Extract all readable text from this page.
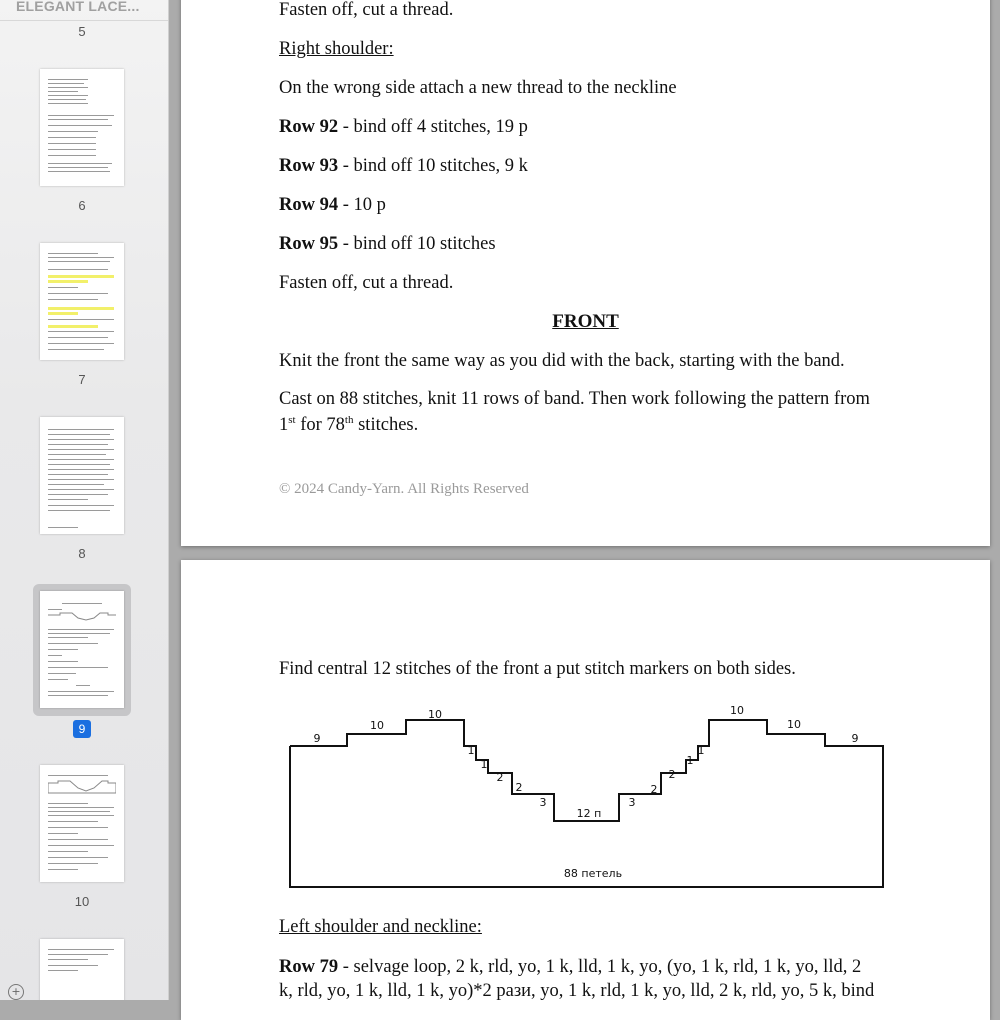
ELEGANT LACE...
5
6
7
8
9
10
+
Fasten off, cut a thread.
Right shoulder:
On the wrong side attach a new thread to the neckline
Row 92 - bind off 4 stitches, 19 p
Row 93 - bind off 10 stitches, 9 k
Row 94 - 10 p
Row 95 - bind off 10 stitches
Fasten off, cut a thread.
FRONT
Knit the front the same way as you did with the back, starting with the band.
Cast on 88 stitches, knit 11 rows of band. Then work following the pattern from
1st for 78th stitches.
© 2024 Candy-Yarn. All Rights Reserved
Find central 12 stitches of the front a put stitch markers on both sides.
9
10
10
1
1
2
2
3
12 п
3
2
2
1
1
10
10
9
88 петель
Left shoulder and neckline:
Row 79 - selvage loop, 2 k, rld, yo, 1 k, lld, 1 k, yo, (yo, 1 k, rld, 1 k, yo, lld, 2
k, rld, yo, 1 k, lld, 1 k, yo)*2 рази, yo, 1 k, rld, 1 k, yo, lld, 2 k, rld, yo, 5 k, bind
